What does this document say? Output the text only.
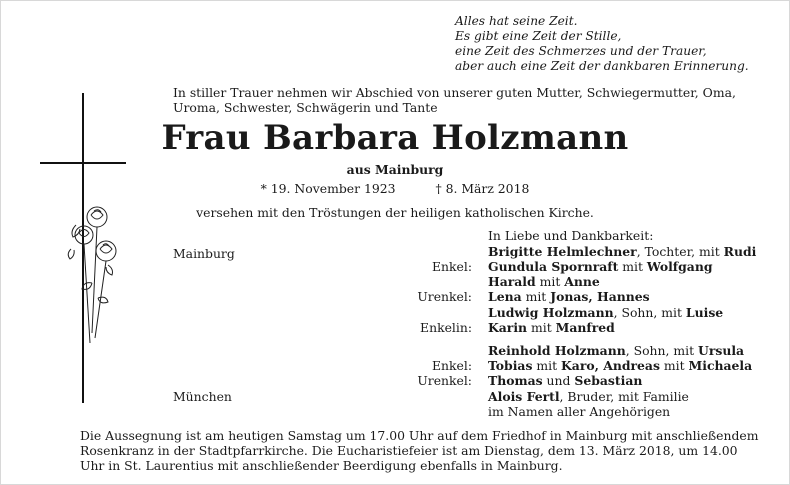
Alles hat seine Zeit.
Es gibt eine Zeit der Stille,
eine Zeit des Schmerzes und der Trauer,
aber auch eine Zeit der dankbaren Erinnerung.
In stiller Trauer nehmen wir Abschied von unserer guten Mutter, Schwiegermutter, Oma, Uroma, Schwester, Schwägerin und Tante
Frau Barbara Holzmann
aus Mainburg
* 19. November 1923	† 8. März 2018
versehen mit den Tröstungen der heiligen katholischen Kirche.
Mainburg
München
In Liebe und Dankbarkeit:
Brigitte Helmlechner, Tochter, mit Rudi
Enkel: Gundula Spornraft mit Wolfgang
Harald mit Anne
Urenkel: Lena mit Jonas, Hannes
Ludwig Holzmann, Sohn, mit Luise
Enkelin: Karin mit Manfred
Reinhold Holzmann, Sohn, mit Ursula
Enkel: Tobias mit Karo, Andreas mit Michaela
Urenkel: Thomas und Sebastian
Alois Fertl, Bruder, mit Familie
im Namen aller Angehörigen
Die Aussegnung ist am heutigen Samstag um 17.00 Uhr auf dem Friedhof in Mainburg mit anschließendem Rosenkranz in der Stadtpfarrkirche. Die Eucharistiefeier ist am Dienstag, dem 13. März 2018, um 14.00 Uhr in St. Laurentius mit anschließender Beerdigung ebenfalls in Mainburg.
